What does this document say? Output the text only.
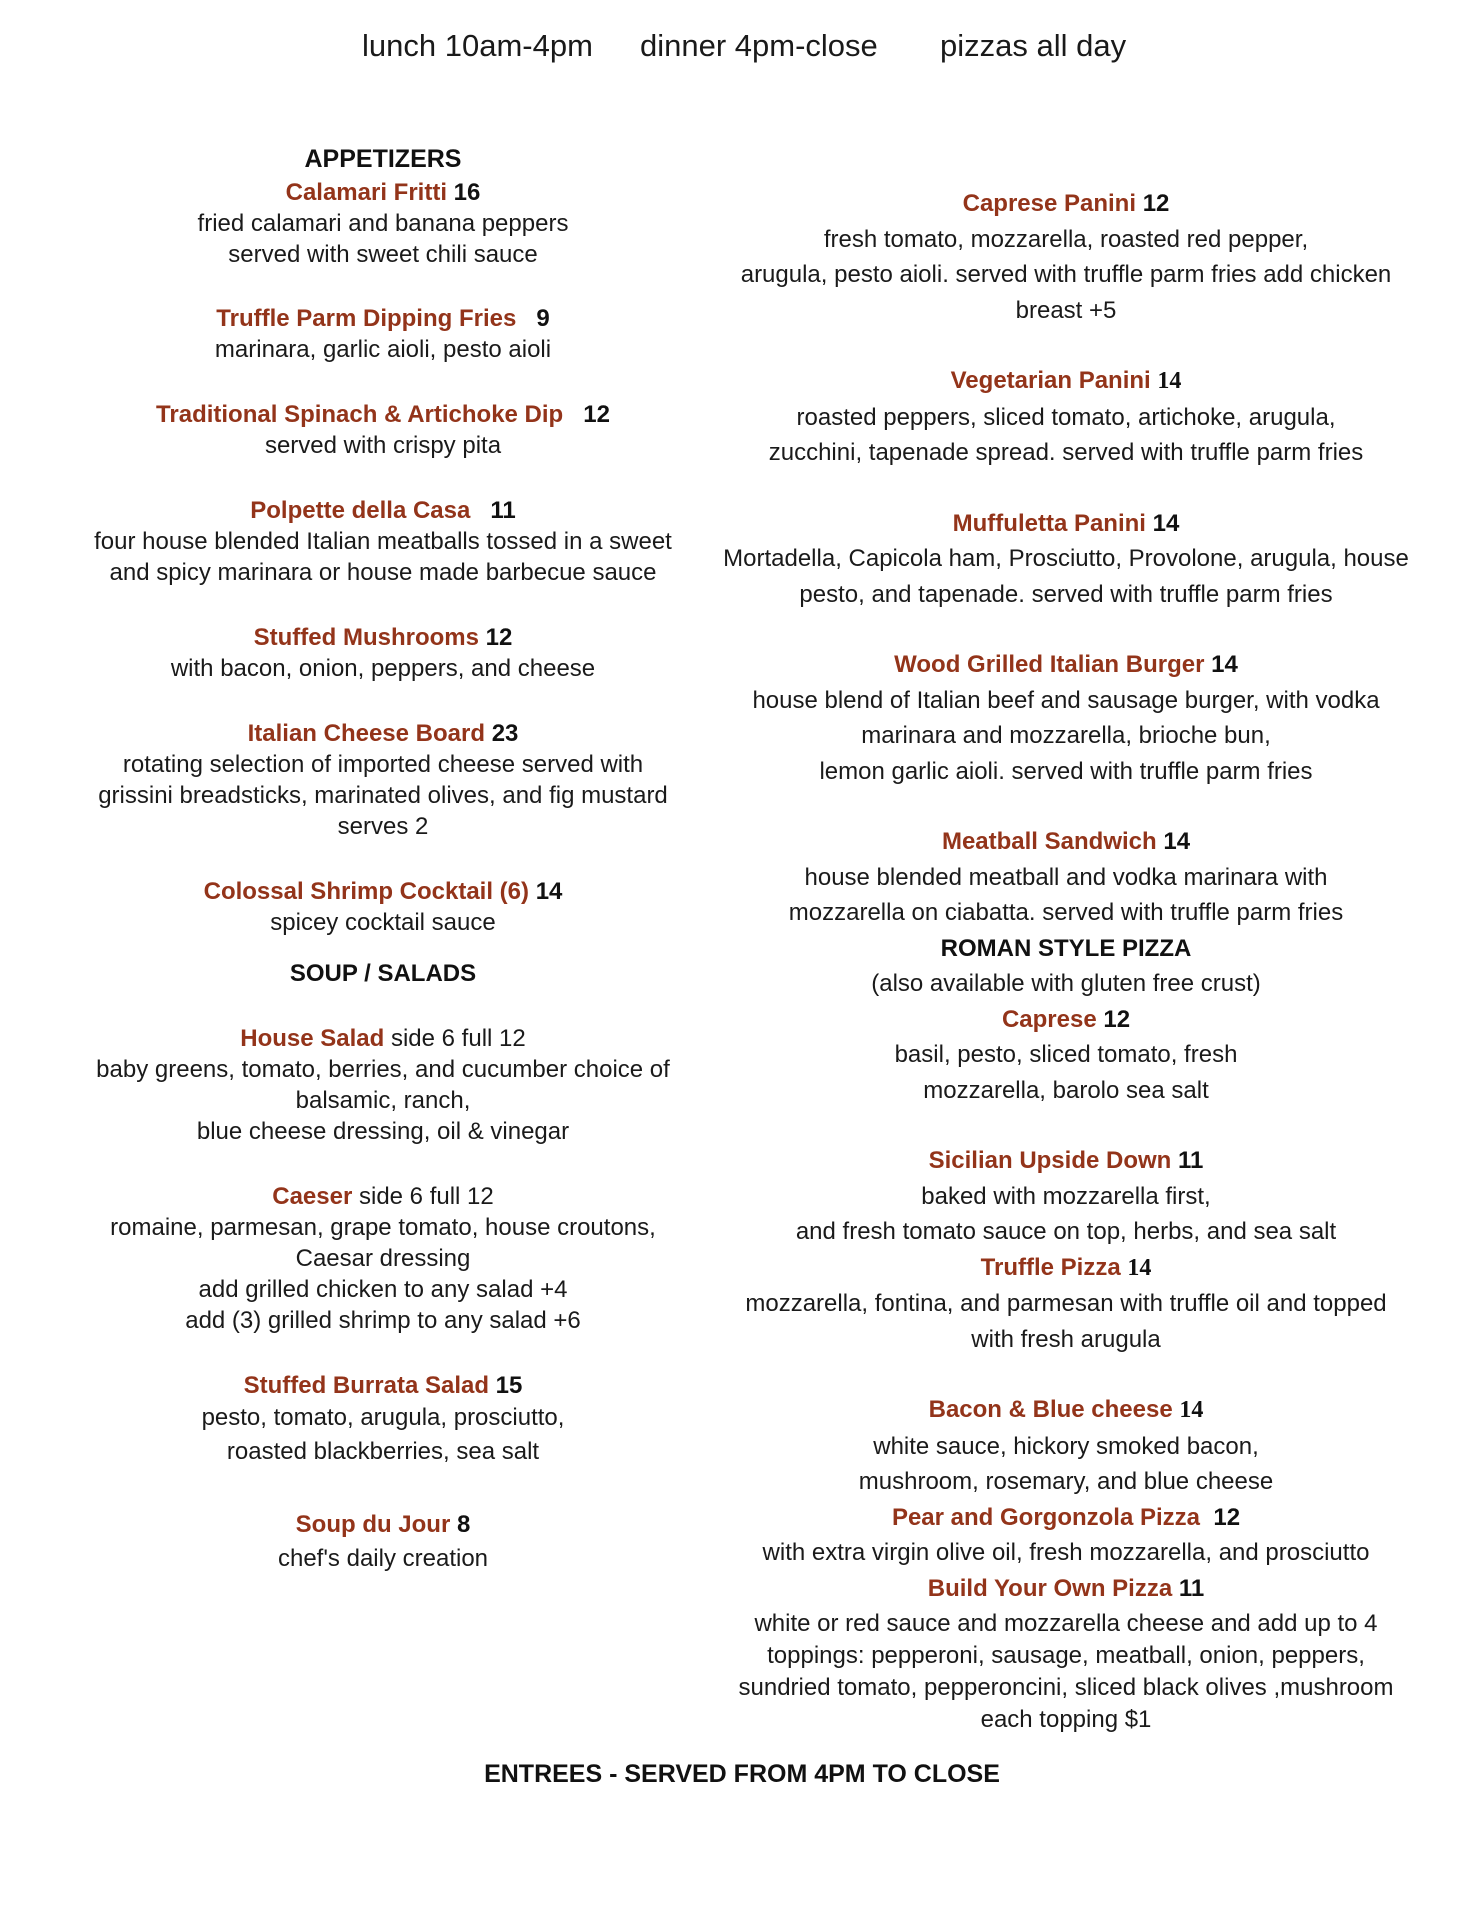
lunch 10am-4pm dinner 4pm-close pizzas all day
APPETIZERS
Calamari Fritti 16
fried calamari and banana peppers
served with sweet chili sauce
Truffle Parm Dipping Fries 9
marinara, garlic aioli, pesto aioli
Traditional Spinach & Artichoke Dip 12
served with crispy pita
Polpette della Casa 11
four house blended Italian meatballs tossed in a sweet
and spicy marinara or house made barbecue sauce
Stuffed Mushrooms 12
with bacon, onion, peppers, and cheese
Italian Cheese Board 23
rotating selection of imported cheese served with
grissini breadsticks, marinated olives, and fig mustard
serves 2
Colossal Shrimp Cocktail (6) 14
spicey cocktail sauce
SOUP / SALADS
House Salad side 6 full 12
baby greens, tomato, berries, and cucumber choice of
balsamic, ranch,
blue cheese dressing, oil & vinegar
Caeser side 6 full 12
romaine, parmesan, grape tomato, house croutons,
Caesar dressing
add grilled chicken to any salad +4
add (3) grilled shrimp to any salad +6
Stuffed Burrata Salad 15
pesto, tomato, arugula, prosciutto,
roasted blackberries, sea salt
Soup du Jour 8
chef's daily creation
Caprese Panini 12
fresh tomato, mozzarella, roasted red pepper,
arugula, pesto aioli. served with truffle parm fries add chicken
breast +5
Vegetarian Panini 14
roasted peppers, sliced tomato, artichoke, arugula,
zucchini, tapenade spread. served with truffle parm fries
Muffuletta Panini 14
Mortadella, Capicola ham, Prosciutto, Provolone, arugula, house
pesto, and tapenade. served with truffle parm fries
Wood Grilled Italian Burger 14
house blend of Italian beef and sausage burger, with vodka
marinara and mozzarella, brioche bun,
lemon garlic aioli. served with truffle parm fries
Meatball Sandwich 14
house blended meatball and vodka marinara with
mozzarella on ciabatta. served with truffle parm fries
ROMAN STYLE PIZZA
(also available with gluten free crust)
Caprese 12
basil, pesto, sliced tomato, fresh
mozzarella, barolo sea salt
Sicilian Upside Down 11
baked with mozzarella first,
and fresh tomato sauce on top, herbs, and sea salt
Truffle Pizza 14
mozzarella, fontina, and parmesan with truffle oil and topped
with fresh arugula
Bacon & Blue cheese 14
white sauce, hickory smoked bacon,
mushroom, rosemary, and blue cheese
Pear and Gorgonzola Pizza 12
with extra virgin olive oil, fresh mozzarella, and prosciutto
Build Your Own Pizza 11
white or red sauce and mozzarella cheese and add up to 4
toppings: pepperoni, sausage, meatball, onion, peppers,
sundried tomato, pepperoncini, sliced black olives ,mushroom
each topping $1
ENTREES - SERVED FROM 4PM TO CLOSE
